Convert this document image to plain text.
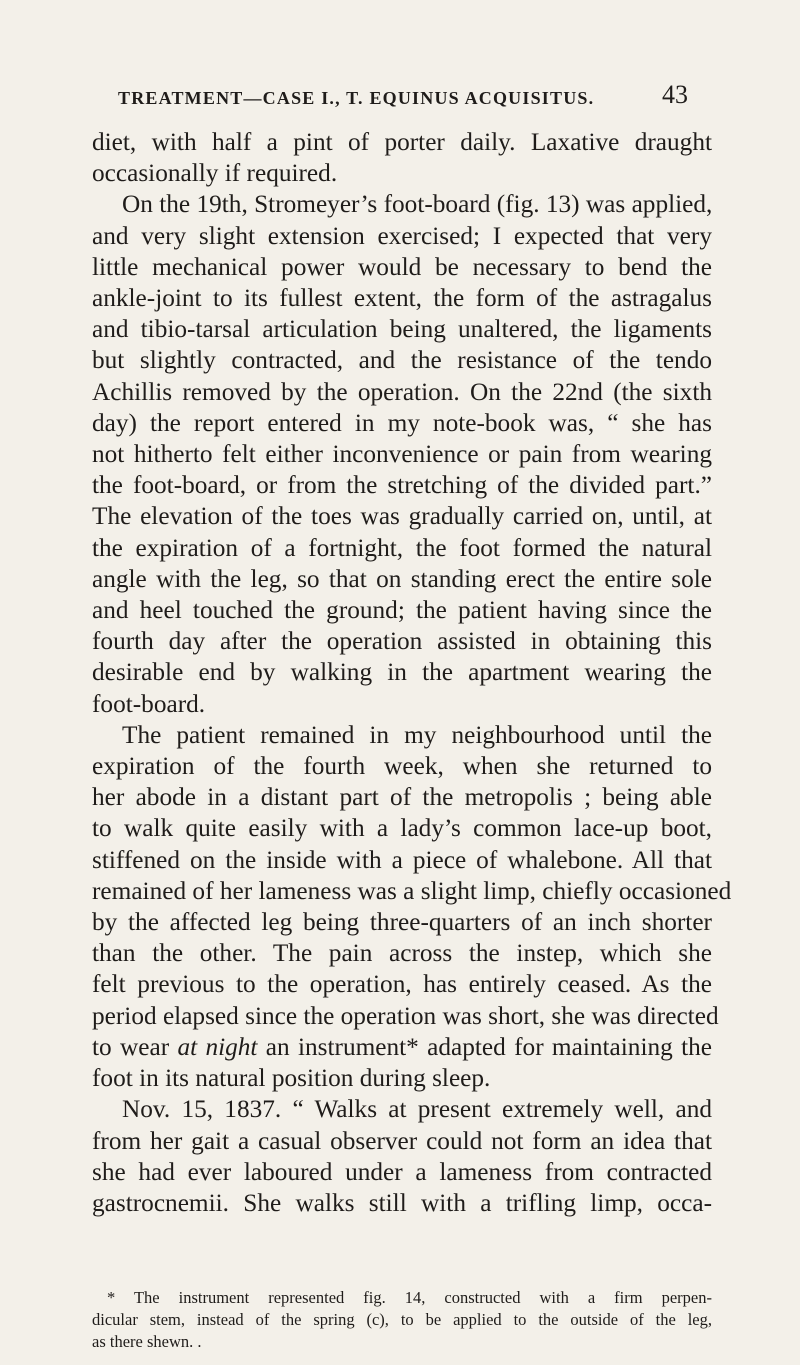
TREATMENT—CASE I., T. EQUINUS ACQUISITUS.	43
diet, with half a pint of porter daily. Laxative draught
occasionally if required.
On the 19th, Stromeyer’s foot-board (fig. 13) was applied,
and very slight extension exercised; I expected that very
little mechanical power would be necessary to bend the
ankle-joint to its fullest extent, the form of the astragalus
and tibio-tarsal articulation being unaltered, the ligaments
but slightly contracted, and the resistance of the tendo
Achillis removed by the operation. On the 22nd (the sixth
day) the report entered in my note-book was, “ she has
not hitherto felt either inconvenience or pain from wearing
the foot-board, or from the stretching of the divided part.”
The elevation of the toes was gradually carried on, until, at
the expiration of a fortnight, the foot formed the natural
angle with the leg, so that on standing erect the entire sole
and heel touched the ground; the patient having since the
fourth day after the operation assisted in obtaining this
desirable end by walking in the apartment wearing the
foot-board.
The patient remained in my neighbourhood until the
expiration of the fourth week, when she returned to
her abode in a distant part of the metropolis ; being able
to walk quite easily with a lady’s common lace-up boot,
stiffened on the inside with a piece of whalebone. All that
remained of her lameness was a slight limp, chiefly occasioned
by the affected leg being three-quarters of an inch shorter
than the other. The pain across the instep, which she
felt previous to the operation, has entirely ceased. As the
period elapsed since the operation was short, she was directed
to wear at night an instrument* adapted for maintaining the
foot in its natural position during sleep.
Nov. 15, 1837. “ Walks at present extremely well, and
from her gait a casual observer could not form an idea that
she had ever laboured under a lameness from contracted
gastrocnemii. She walks still with a trifling limp, occa-
* The instrument represented fig. 14, constructed with a firm perpen-
dicular stem, instead of the spring (c), to be applied to the outside of the leg,
as there shewn. .
